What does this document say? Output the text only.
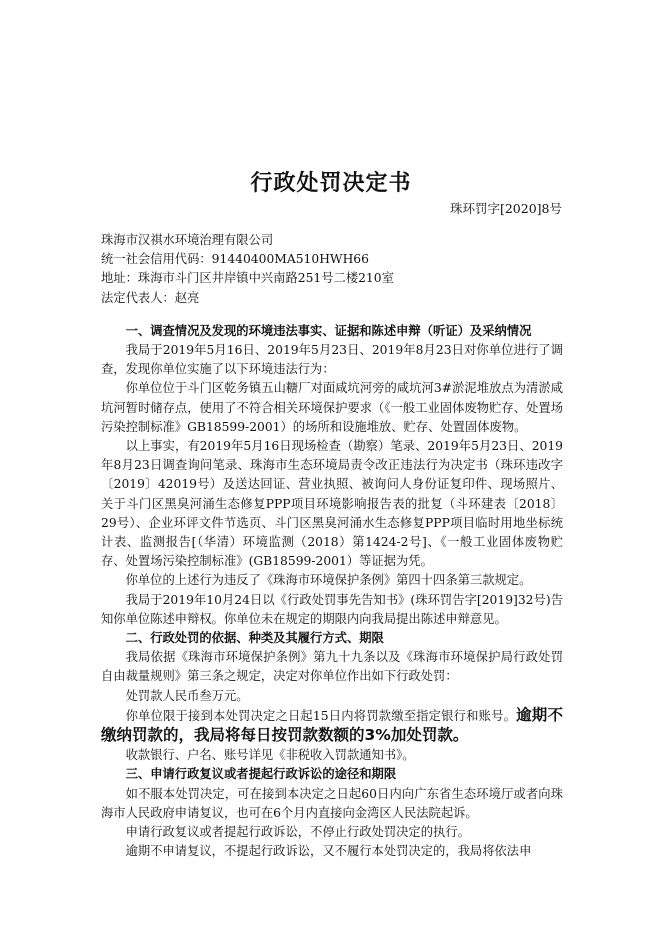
行政处罚决定书
珠环罚字[2020]8号

珠海市汉祺水环境治理有限公司

统一社会信用代码：91440400MA510HWH66

地址：珠海市斗门区井岸镇中兴南路251号二楼210室

法定代表人：赵亮

一、调查情况及发现的环境违法事实、证据和陈述申辩（听证）及采纳情况

我局于2019年5月16日、2019年5月23日、2019年8月23日对你单位进行了调查，发现你单位实施了以下环境违法行为：

你单位位于斗门区乾务镇五山糖厂对面咸坑河旁的咸坑河3#淤泥堆放点为清淤咸坑河暂时储存点，使用了不符合相关环境保护要求（《一般工业固体废物贮存、处置场污染控制标准》GB18599-2001）的场所和设施堆放、贮存、处置固体废物。

以上事实，有2019年5月16日现场检查（勘察）笔录、2019年5月23日、2019年8月23日调查询问笔录、珠海市生态环境局责令改正违法行为决定书（珠环违改字〔2019〕42019号）及送达回证、营业执照、被询问人身份证复印件、现场照片、关于斗门区黑臭河涌生态修复PPP项目环境影响报告表的批复（斗环建表〔2018〕29号）、企业环评文件节选页、斗门区黑臭河涌水生态修复PPP项目临时用地坐标统计表、监测报告[（华清）环境监测（2018）第1424-2号]、《一般工业固体废物贮存、处置场污染控制标准》(GB18599-2001）等证据为凭。

你单位的上述行为违反了《珠海市环境保护条例》第四十四条第三款规定。

我局于2019年10月24日以《行政处罚事先告知书》(珠环罚告字[2019]32号)告知你单位陈述申辩权。你单位未在规定的期限内向我局提出陈述申辩意见。

二、行政处罚的依据、种类及其履行方式、期限

我局依据《珠海市环境保护条例》第九十九条以及《珠海市环境保护局行政处罚自由裁量规则》第三条之规定，决定对你单位作出如下行政处罚：

处罚款人民币叁万元。

你单位限于接到本处罚决定之日起15日内将罚款缴至指定银行和账号。逾期不缴纳罚款的，我局将每日按罚款数额的3%加处罚款。

收款银行、户名、账号详见《非税收入罚款通知书》。

三、申请行政复议或者提起行政诉讼的途径和期限

如不服本处罚决定，可在接到本决定之日起60日内向广东省生态环境厅或者向珠海市人民政府申请复议，也可在6个月内直接向金湾区人民法院起诉。

申请行政复议或者提起行政诉讼，不停止行政处罚决定的执行。

逾期不申请复议，不提起行政诉讼，又不履行本处罚决定的，我局将依法申
